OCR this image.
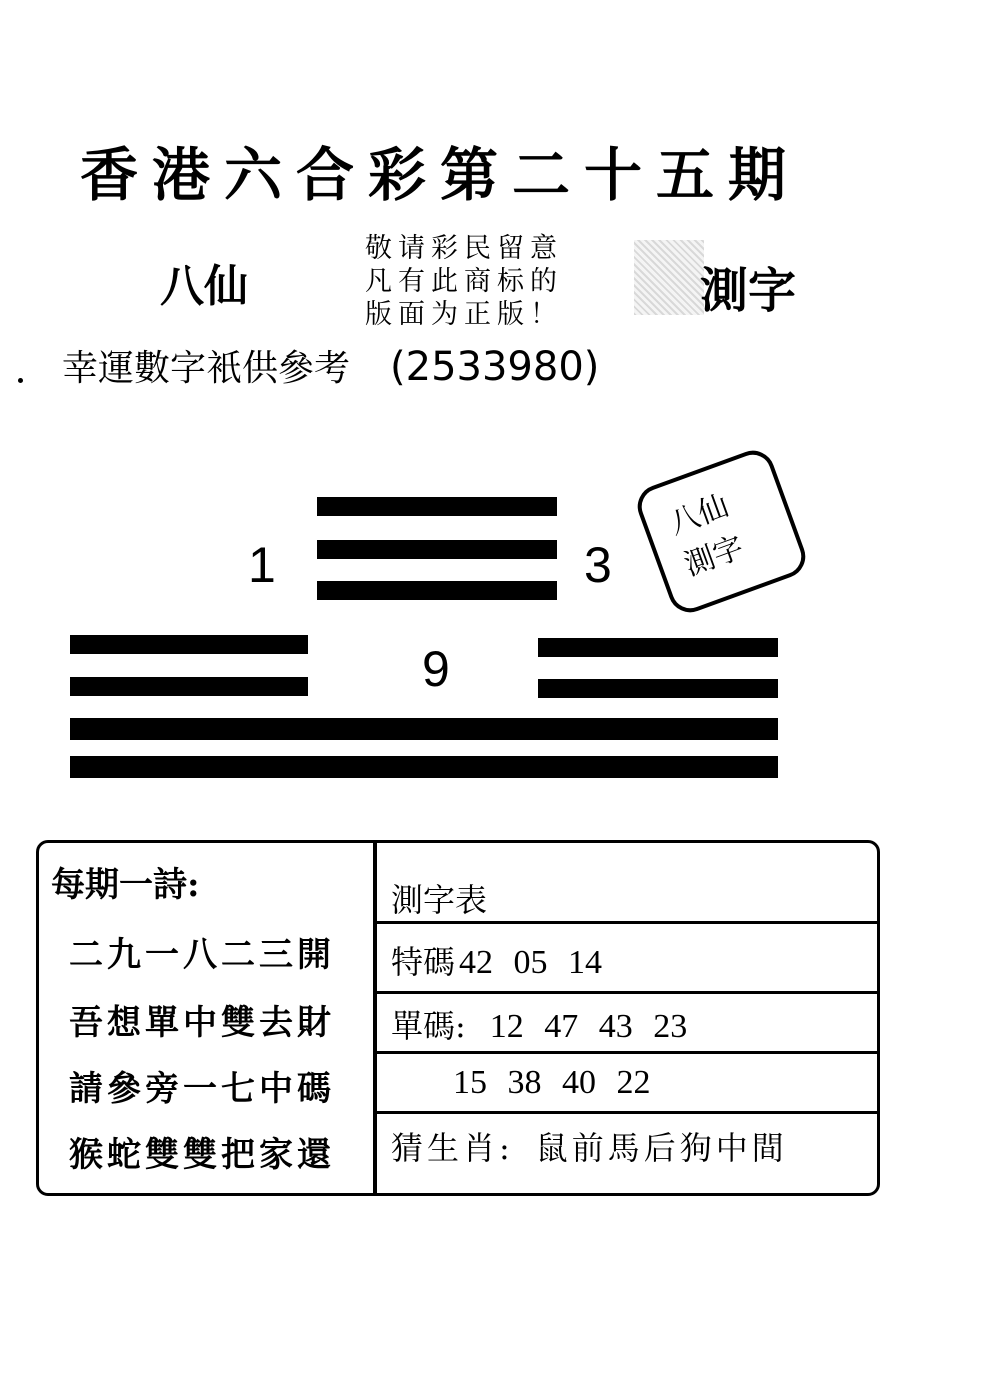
香港六合彩第二十五期
八仙
敬请彩民留意
凡有此商标的
版面为正版！	測字
幸運數字衹供參考 (2533980)
1	3
9
八仙
測字
每期一詩:
二九一八二三開
吾想單中雙去財
請參旁一七中碼
猴蛇雙雙把家還
測字表
特碼 42 05 14
單碼: 12 47 43 23
15 38 40 22
猜生肖: 鼠前馬后狗中間
